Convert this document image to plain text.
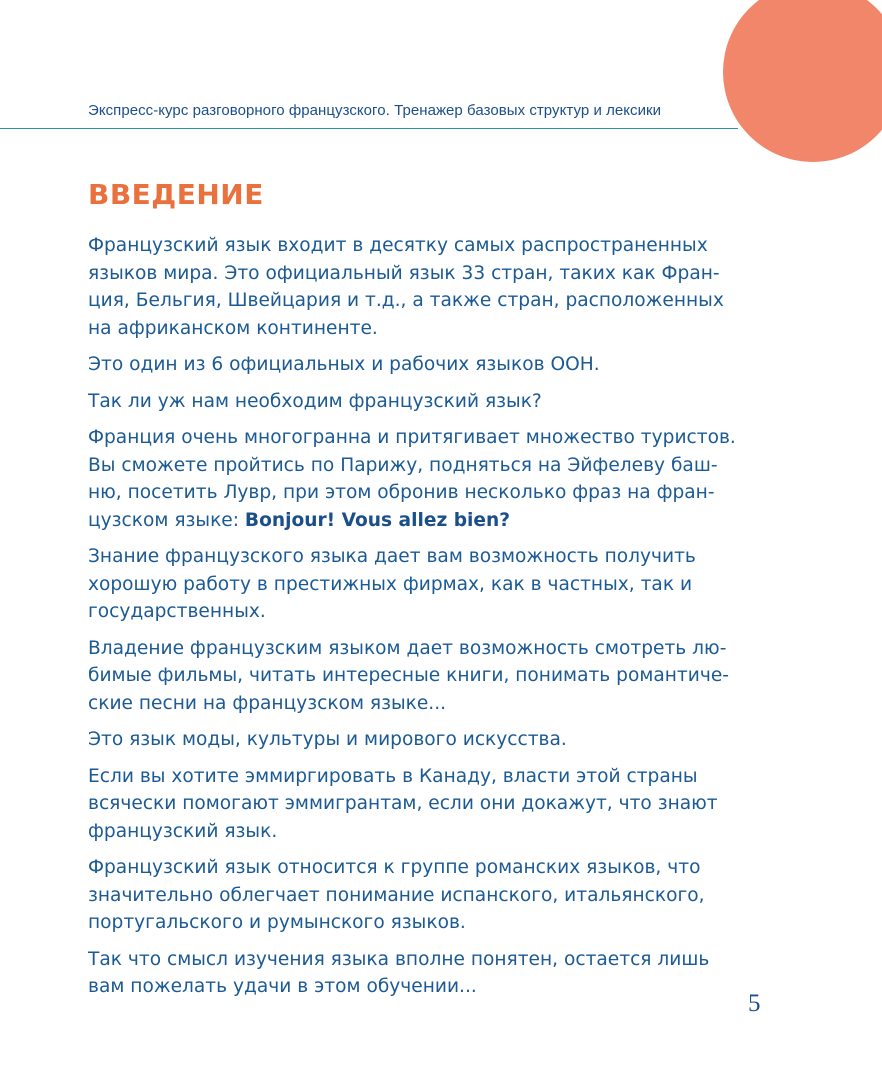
Экспресс-курс разговорного французского. Тренажер базовых структур и лексики
ВВЕДЕНИЕ

Французский язык входит в десятку самых распространенных
языков мира. Это официальный язык 33 стран, таких как Фран-
ция, Бельгия, Швейцария и т.д., а также стран, расположенных
на африканском континенте.

Это один из 6 официальных и рабочих языков ООН.

Так ли уж нам необходим французский язык?

Франция очень многогранна и притягивает множество туристов.
Вы сможете пройтись по Парижу, подняться на Эйфелеву баш-
ню, посетить Лувр, при этом обронив несколько фраз на фран-
цузском языке: Bonjour! Vous allez bien?

Знание французского языка дает вам возможность получить
хорошую работу в престижных фирмах, как в частных, так и
государственных.

Владение французским языком дает возможность смотреть лю-
бимые фильмы, читать интересные книги, понимать романтиче-
ские песни на французском языке...

Это язык моды, культуры и мирового искусства.

Если вы хотите эммиргировать в Канаду, власти этой страны
всячески помогают эммигрантам, если они докажут, что знают
французский язык.

Французский язык относится к группе романских языков, что
значительно облегчает понимание испанского, итальянского,
португальского и румынского языков.

Так что смысл изучения языка вполне понятен, остается лишь
вам пожелать удачи в этом обучении...

5
